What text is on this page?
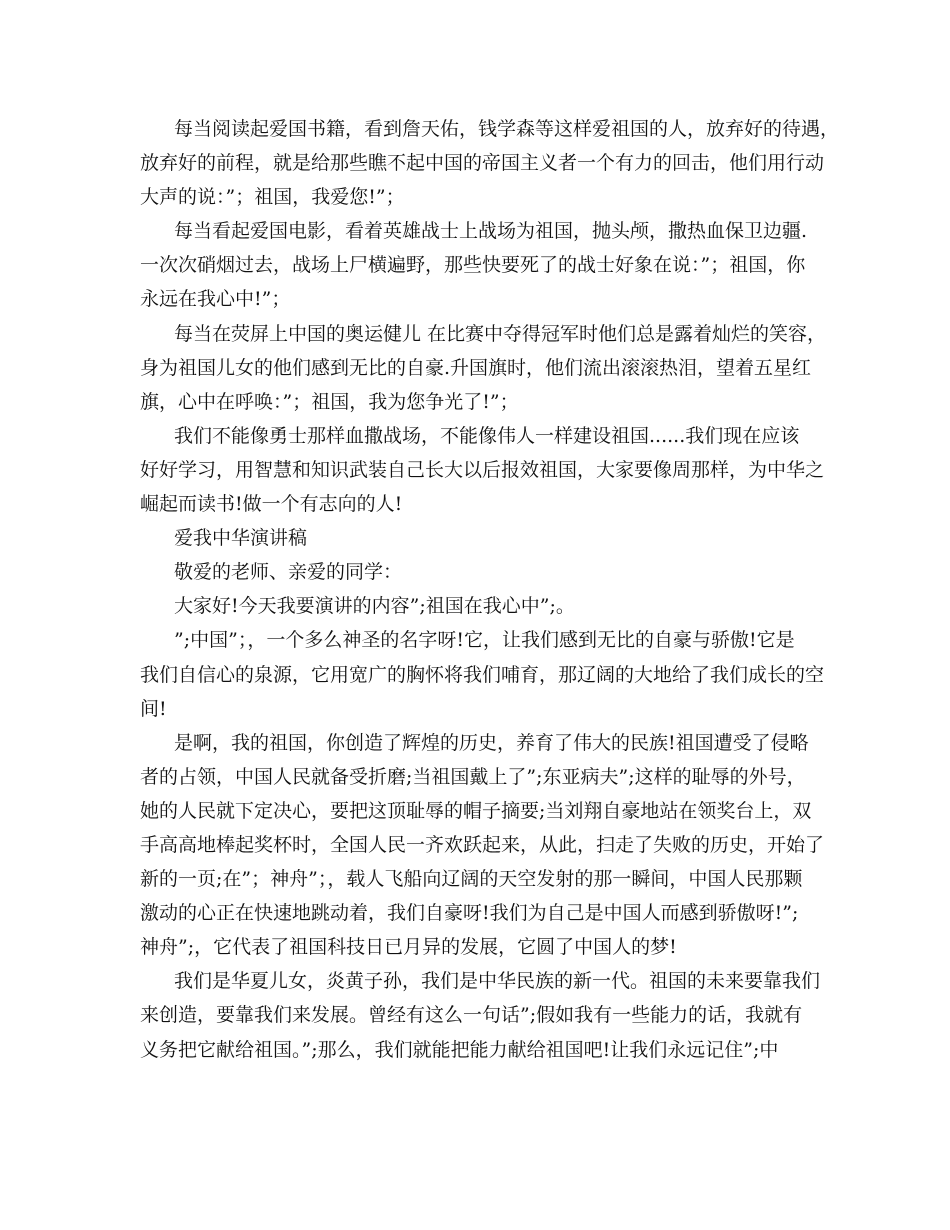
每当阅读起爱国书籍，看到詹天佑，钱学森等这样爱祖国的人，放弃好的待遇，
放弃好的前程，就是给那些瞧不起中国的帝国主义者一个有力的回击，他们用行动
大声的说：”；祖国，我爱您!”；

每当看起爱国电影，看着英雄战士上战场为祖国，抛头颅，撒热血保卫边疆.
一次次硝烟过去，战场上尸横遍野，那些快要死了的战士好象在说：”；祖国，你
永远在我心中!”；

每当在荧屏上中国的奥运健儿 在比赛中夺得冠军时他们总是露着灿烂的笑容，
身为祖国儿女的他们感到无比的自豪.升国旗时，他们流出滚滚热泪，望着五星红
旗，心中在呼唤：”；祖国，我为您争光了!”；

我们不能像勇士那样血撒战场，不能像伟人一样建设祖国......我们现在应该
好好学习，用智慧和知识武装自己长大以后报效祖国，大家要像周那样，为中华之
崛起而读书!做一个有志向的人!

爱我中华演讲稿

敬爱的老师、亲爱的同学：

大家好!今天我要演讲的内容”;祖国在我心中”;。

”;中国”；，一个多么神圣的名字呀!它，让我们感到无比的自豪与骄傲!它是
我们自信心的泉源，它用宽广的胸怀将我们哺育，那辽阔的大地给了我们成长的空
间!

是啊，我的祖国，你创造了辉煌的历史，养育了伟大的民族!祖国遭受了侵略
者的占领，中国人民就备受折磨;当祖国戴上了”;东亚病夫”;这样的耻辱的外号，
她的人民就下定决心，要把这顶耻辱的帽子摘要;当刘翔自豪地站在领奖台上，双
手高高地棒起奖杯时，全国人民一齐欢跃起来，从此，扫走了失败的历史，开始了
新的一页;在”；神舟”；，载人飞船向辽阔的天空发射的那一瞬间，中国人民那颗
激动的心正在快速地跳动着，我们自豪呀!我们为自己是中国人而感到骄傲呀!”;
神舟”;，它代表了祖国科技日已月异的发展，它圆了中国人的梦!

我们是华夏儿女，炎黄子孙，我们是中华民族的新一代。祖国的未来要靠我们
来创造，要靠我们来发展。曾经有这么一句话”;假如我有一些能力的话，我就有
义务把它献给祖国。”;那么，我们就能把能力献给祖国吧!让我们永远记住”;中
